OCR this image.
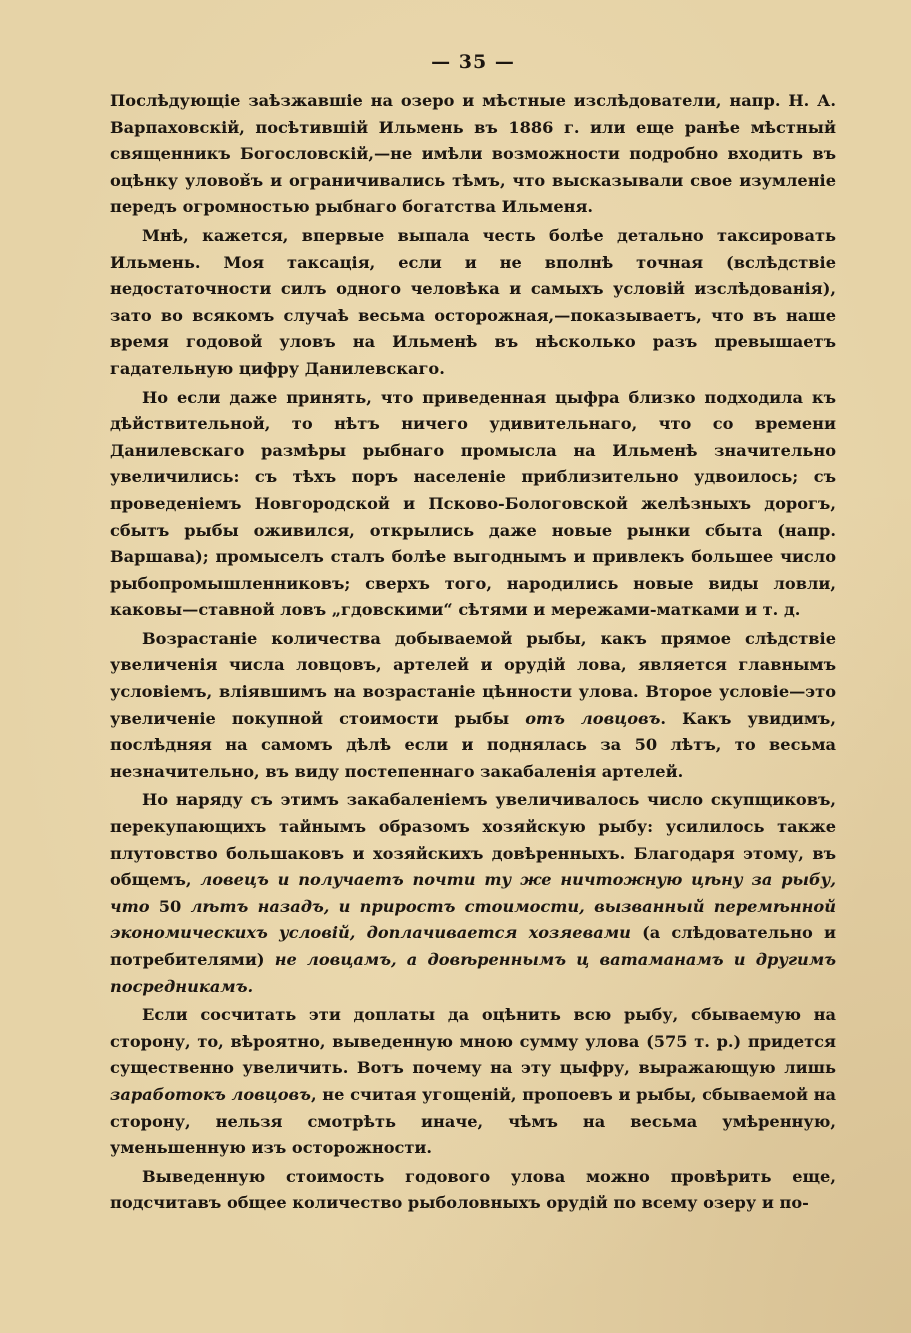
— 35 —

Послѣдующіе заѣзжавшіе на озеро и мѣстные изслѣдователи, напр. Н. А. Варпаховскій, посѣтившій Ильмень въ 1886 г. или еще ранѣе мѣстный священникъ Богословскій,—не имѣли возможности подробно входить въ оцѣнку уловов̌ъ и ограничивались тѣмъ, что высказывали свое изумленіе передъ огромностью рыбнаго богатства Ильменя.

Мнѣ, кажется, впервые выпала честь болѣе детально таксировать Ильмень. Моя таксація, если и не вполнѣ точная (вслѣдствіе недостаточности силъ одного человѣка и самыхъ условій изслѣдованія), зато во всякомъ случаѣ весьма осторожная,—показываетъ, что въ наше время годовой уловъ на Ильменѣ въ нѣсколько разъ превышаетъ гадательную цифру Данилевскаго.

Но если даже принять, что приведенная цыфра близко подходила къ дѣйствительной, то нѣтъ ничего удивительнаго, что со времени Данилевскаго размѣры рыбнаго промысла на Ильменѣ значительно увеличились: съ тѣхъ поръ населеніе приблизительно удвоилось; съ проведеніемъ Новгородской и Псково-Бологовской желѣзныхъ дорогъ, сбытъ рыбы оживился, открылись даже новые рынки сбыта (напр. Варшава); промыселъ сталъ болѣе выгоднымъ и привлекъ большее число рыбопромышленниковъ; сверхъ того, народились новые виды ловли, каковы—ставной ловъ „гдовскими“ сѣтями и мережами-матками и т. д.

Возрастаніе количества добываемой рыбы, какъ прямое слѣдствіе увеличенія числа ловцовъ, артелей и орудій лова, является главнымъ условіемъ, вліявшимъ на возрастаніе цѣнности улова. Второе условіе—это увеличеніе покупной стоимости рыбы отъ ловцовъ. Какъ увидимъ, послѣдняя на самомъ дѣлѣ если и поднялась за 50 лѣтъ, то весьма незначительно, въ виду постепеннаго закабаленія артелей.

Но наряду съ этимъ закабаленіемъ увеличивалось число скупщиковъ, перекупающихъ тайнымъ образомъ хозяйскую рыбу: усилилось также плутовство большаковъ и хозяйскихъ довѣренныхъ. Благодаря этому, въ общемъ, ловецъ и получаетъ почти ту же ничтожную цѣну за рыбу, что 50 лѣтъ назадъ, и приростъ стоимости, вызванный перемѣнной экономическихъ условій, доплачивается хозяевами (а слѣдовательно и потребителями) не ловцамъ, а довѣреннымъ ц ватаманамъ и другимъ посредникамъ.

Если сосчитать эти доплаты да оцѣнить всю рыбу, сбываемую на сторону, то, вѣроятно, выведенную мною сумму улова (575 т. р.) придется существенно увеличить. Вотъ почему на эту цыфру, выражающую лишь заработокъ ловцовъ, не считая угощеній, пропоевъ и рыбы, сбываемой на сторону, нельзя смотрѣть иначе, чѣмъ на весьма умѣренную, уменьшенную изъ осторожности.

Выведенную стоимость годового улова можно провѣрить еще, подсчитавъ общее количество рыболовныхъ орудій по всему озеру и по-
